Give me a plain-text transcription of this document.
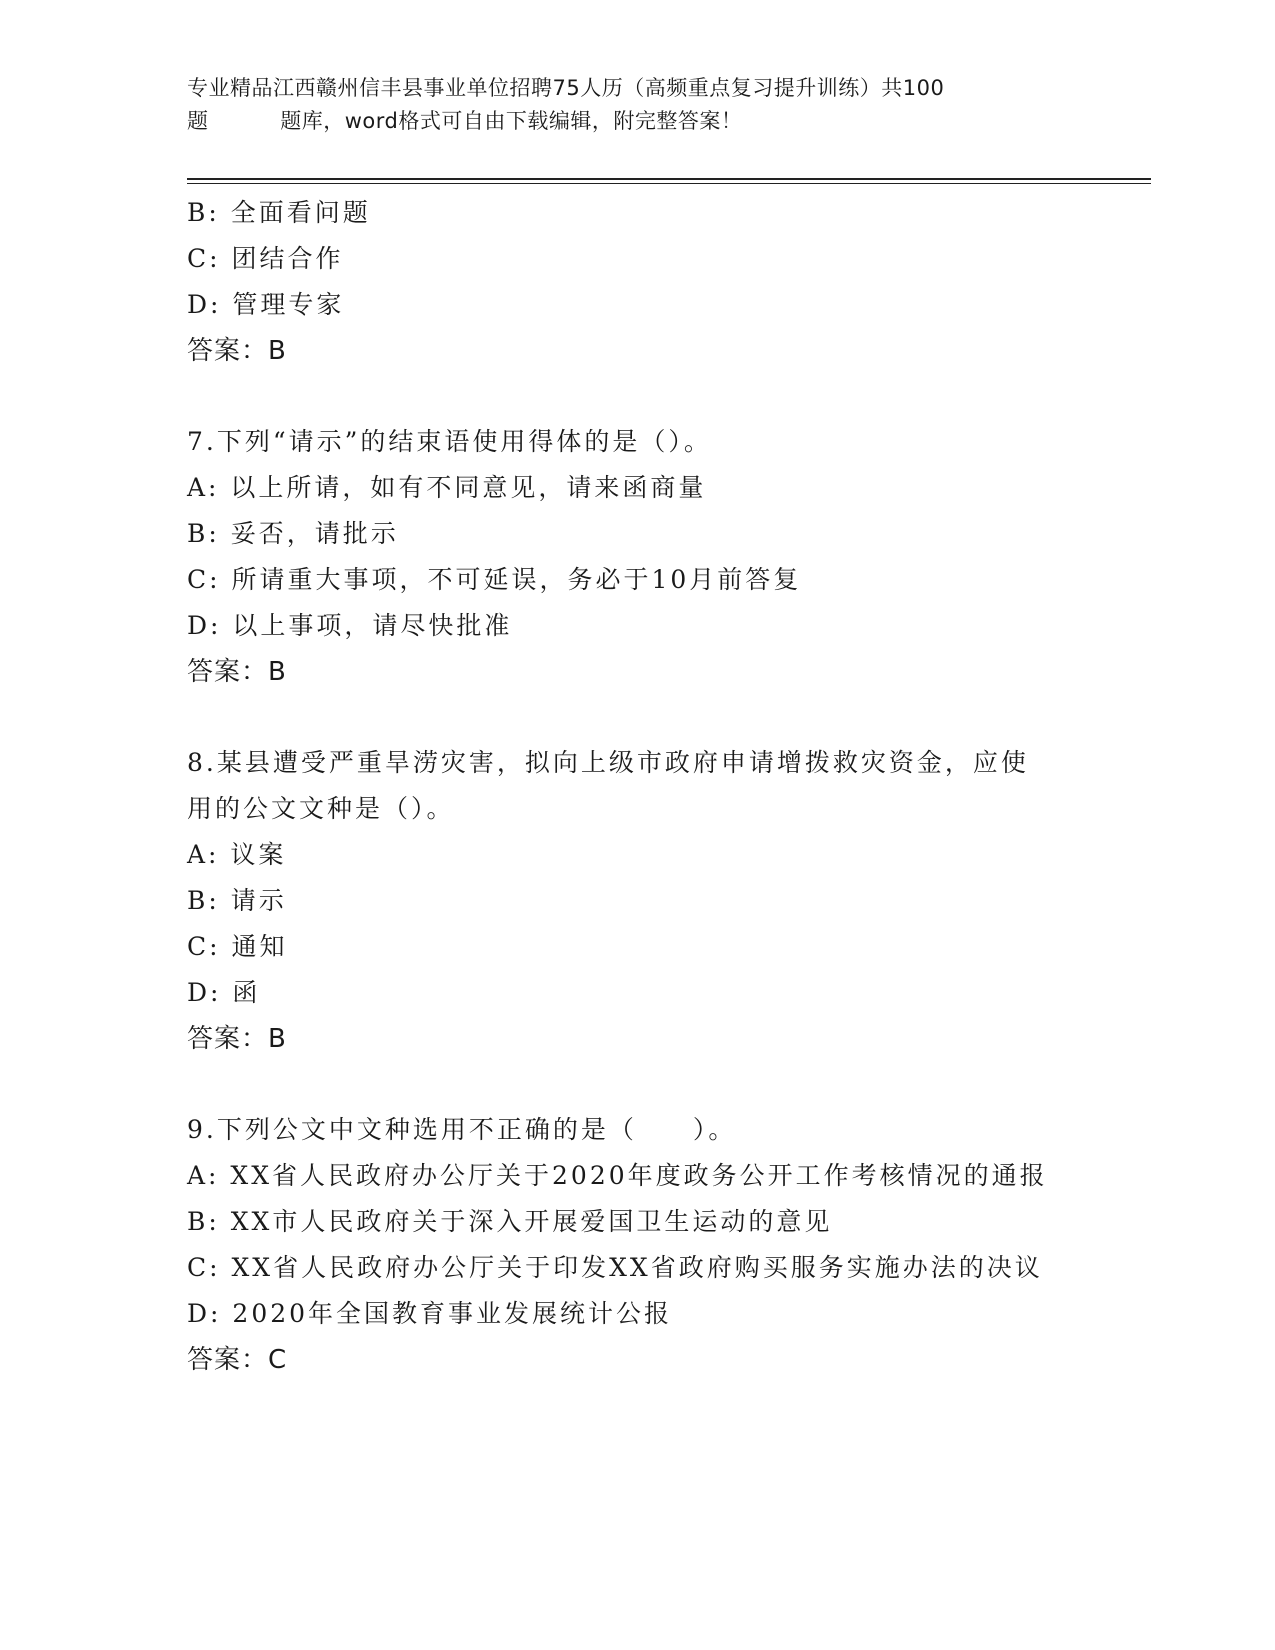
专业精品江西赣州信丰县事业单位招聘75人历（高频重点复习提升训练）共100
题          题库，word格式可自由下载编辑，附完整答案！
B: 全面看问题
C: 团结合作
D: 管理专家
答案：B
7.下列“请示”的结束语使用得体的是（）。
A: 以上所请，如有不同意见，请来函商量
B: 妥否，请批示
C: 所请重大事项，不可延误，务必于10月前答复
D: 以上事项，请尽快批准
答案：B
8.某县遭受严重旱涝灾害，拟向上级市政府申请增拨救灾资金，应使
用的公文文种是（）。
A: 议案
B: 请示
C: 通知
D: 函
答案：B
9.下列公文中文种选用不正确的是（　　）。
A: XX省人民政府办公厅关于2020年度政务公开工作考核情况的通报
B: XX市人民政府关于深入开展爱国卫生运动的意见
C: XX省人民政府办公厅关于印发XX省政府购买服务实施办法的决议
D: 2020年全国教育事业发展统计公报
答案：C
